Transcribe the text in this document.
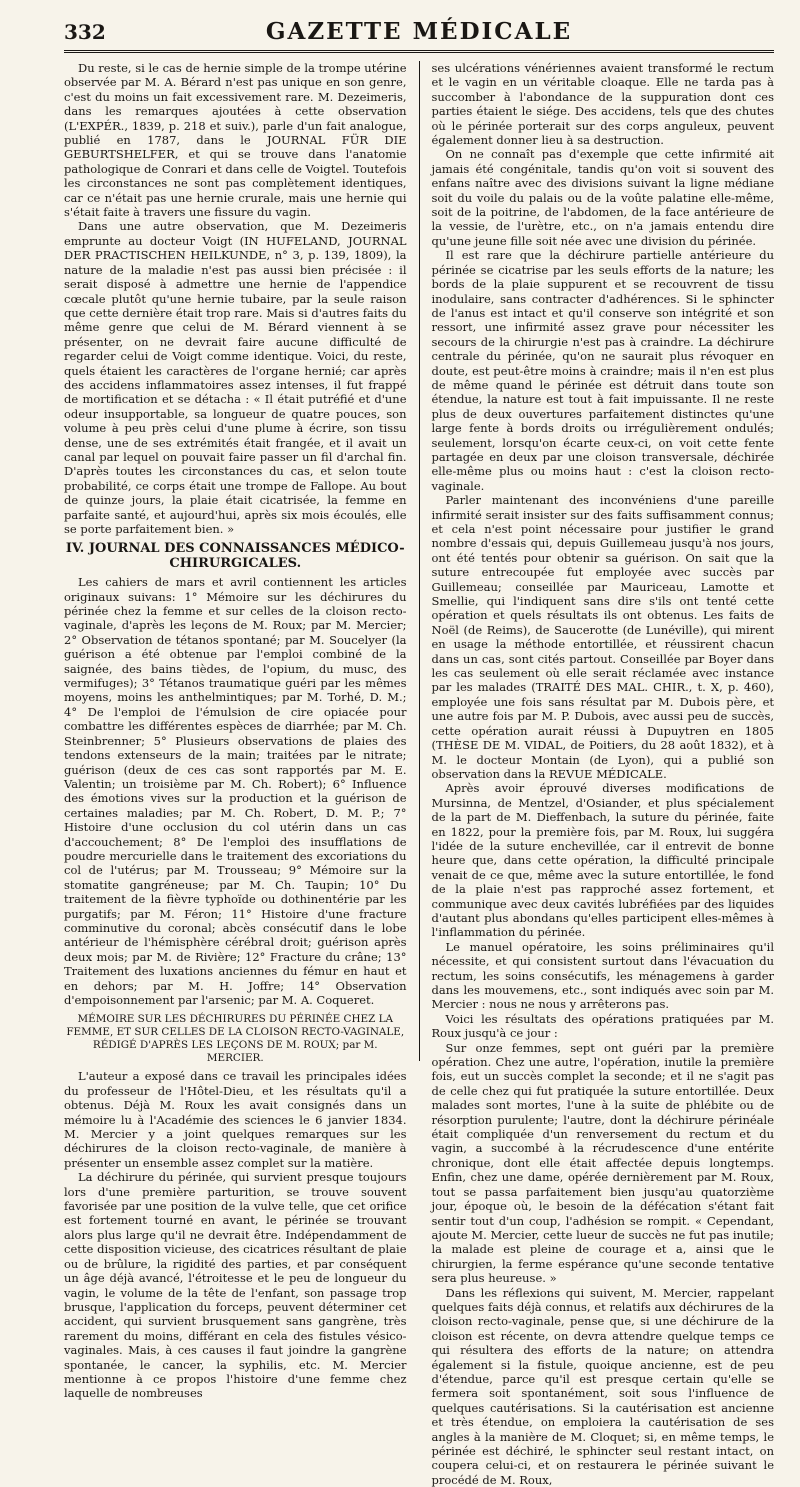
332	GAZETTE MÉDICALE

Du reste, si le cas de hernie simple de la trompe utérine observée par M. A. Bérard n'est pas unique en son genre, c'est du moins un fait excessivement rare. M. Dezeimeris, dans les remarques ajoutées à cette observation (L'EXPÉR., 1839, p. 218 et suiv.), parle d'un fait analogue, publié en 1787, dans le JOURNAL FÜR DIE GEBURTSHELFER, et qui se trouve dans l'anatomie pathologique de Conrari et dans celle de Voigtel. Toutefois les circonstances ne sont pas complètement identiques, car ce n'était pas une hernie crurale, mais une hernie qui s'était faite à travers une fissure du vagin.

Dans une autre observation, que M. Dezeimeris emprunte au docteur Voigt (IN HUFELAND, JOURNAL DER PRACTISCHEN HEILKUNDE, n° 3, p. 139, 1809), la nature de la maladie n'est pas aussi bien précisée : il serait disposé à admettre une hernie de l'appendice cœcale plutôt qu'une hernie tubaire, par la seule raison que cette dernière était trop rare. Mais si d'autres faits du même genre que celui de M. Bérard viennent à se présenter, on ne devrait faire aucune difficulté de regarder celui de Voigt comme identique. Voici, du reste, quels étaient les caractères de l'organe hernié; car après des accidens inflammatoires assez intenses, il fut frappé de mortification et se détacha : « Il était putréfié et d'une odeur insupportable, sa longueur de quatre pouces, son volume à peu près celui d'une plume à écrire, son tissu dense, une de ses extrémités était frangée, et il avait un canal par lequel on pouvait faire passer un fil d'archal fin. D'après toutes les circonstances du cas, et selon toute probabilité, ce corps était une trompe de Fallope. Au bout de quinze jours, la plaie était cicatrisée, la femme en parfaite santé, et aujourd'hui, après six mois écoulés, elle se porte parfaitement bien. »

IV. JOURNAL DES CONNAISSANCES MÉDICO-CHIRURGICALES.

Les cahiers de mars et avril contiennent les articles originaux suivans: 1° Mémoire sur les déchirures du périnée chez la femme et sur celles de la cloison recto-vaginale, d'après les leçons de M. Roux; par M. Mercier; 2° Observation de tétanos spontané; par M. Soucelyer (la guérison a été obtenue par l'emploi combiné de la saignée, des bains tièdes, de l'opium, du musc, des vermifuges); 3° Tétanos traumatique guéri par les mêmes moyens, moins les anthelmintiques; par M. Torhé, D. M.; 4° De l'emploi de l'émulsion de cire opiacée pour combattre les différentes espèces de diarrhée; par M. Ch. Steinbrenner; 5° Plusieurs observations de plaies des tendons extenseurs de la main; traitées par le nitrate; guérison (deux de ces cas sont rapportés par M. E. Valentin; un troisième par M. Ch. Robert); 6° Influence des émotions vives sur la production et la guérison de certaines maladies; par M. Ch. Robert, D. M. P.; 7° Histoire d'une occlusion du col utérin dans un cas d'accouchement; 8° De l'emploi des insufflations de poudre mercurielle dans le traitement des excoriations du col de l'utérus; par M. Trousseau; 9° Mémoire sur la stomatite gangréneuse; par M. Ch. Taupin; 10° Du traitement de la fièvre typhoïde ou dothinentérie par les purgatifs; par M. Féron; 11° Histoire d'une fracture comminutive du coronal; abcès consécutif dans le lobe antérieur de l'hémisphère cérébral droit; guérison après deux mois; par M. de Rivière; 12° Fracture du crâne; 13° Traitement des luxations anciennes du fémur en haut et en dehors; par M. H. Joffre; 14° Observation d'empoisonnement par l'arsenic; par M. A. Coqueret.

MÉMOIRE SUR LES DÉCHIRURES DU PÉRINÉE CHEZ LA FEMME, ET SUR CELLES DE LA CLOISON RECTO-VAGINALE, RÉDIGÉ D'APRÈS LES LEÇONS DE M. ROUX; par M. MERCIER.

L'auteur a exposé dans ce travail les principales idées du professeur de l'Hôtel-Dieu, et les résultats qu'il a obtenus. Déjà M. Roux les avait consignés dans un mémoire lu à l'Académie des sciences le 6 janvier 1834. M. Mercier y a joint quelques remarques sur les déchirures de la cloison recto-vaginale, de manière à présenter un ensemble assez complet sur la matière.

La déchirure du périnée, qui survient presque toujours lors d'une première parturition, se trouve souvent favorisée par une position de la vulve telle, que cet orifice est fortement tourné en avant, le périnée se trouvant alors plus large qu'il ne devrait être. Indépendamment de cette disposition vicieuse, des cicatrices résultant de plaie ou de brûlure, la rigidité des parties, et par conséquent un âge déjà avancé, l'étroitesse et le peu de longueur du vagin, le volume de la tête de l'enfant, son passage trop brusque, l'application du forceps, peuvent déterminer cet accident, qui survient brusquement sans gangrène, très rarement du moins, différant en cela des fistules vésico-vaginales. Mais, à ces causes il faut joindre la gangrène spontanée, le cancer, la syphilis, etc. M. Mercier mentionne à ce propos l'histoire d'une femme chez laquelle de nombreuses

ses ulcérations vénériennes avaient transformé le rectum et le vagin en un véritable cloaque. Elle ne tarda pas à succomber à l'abondance de la suppuration dont ces parties étaient le siége. Des accidens, tels que des chutes où le périnée porterait sur des corps anguleux, peuvent également donner lieu à sa destruction.

On ne connaît pas d'exemple que cette infirmité ait jamais été congénitale, tandis qu'on voit si souvent des enfans naître avec des divisions suivant la ligne médiane soit du voile du palais ou de la voûte palatine elle-même, soit de la poitrine, de l'abdomen, de la face antérieure de la vessie, de l'urètre, etc., on n'a jamais entendu dire qu'une jeune fille soit née avec une division du périnée.

Il est rare que la déchirure partielle antérieure du périnée se cicatrise par les seuls efforts de la nature; les bords de la plaie suppurent et se recouvrent de tissu inodulaire, sans contracter d'adhérences. Si le sphincter de l'anus est intact et qu'il conserve son intégrité et son ressort, une infirmité assez grave pour nécessiter les secours de la chirurgie n'est pas à craindre. La déchirure centrale du périnée, qu'on ne saurait plus révoquer en doute, est peut-être moins à craindre; mais il n'en est plus de même quand le périnée est détruit dans toute son étendue, la nature est tout à fait impuissante. Il ne reste plus de deux ouvertures parfaitement distinctes qu'une large fente à bords droits ou irrégulièrement ondulés; seulement, lorsqu'on écarte ceux-ci, on voit cette fente partagée en deux par une cloison transversale, déchirée elle-même plus ou moins haut : c'est la cloison recto-vaginale.

Parler maintenant des inconvéniens d'une pareille infirmité serait insister sur des faits suffisamment connus; et cela n'est point nécessaire pour justifier le grand nombre d'essais qui, depuis Guillemeau jusqu'à nos jours, ont été tentés pour obtenir sa guérison. On sait que la suture entrecoupée fut employée avec succès par Guillemeau; conseillée par Mauriceau, Lamotte et Smellie, qui l'indiquent sans dire s'ils ont tenté cette opération et quels résultats ils ont obtenus. Les faits de Noël (de Reims), de Saucerotte (de Lunéville), qui mirent en usage la méthode entortillée, et réussirent chacun dans un cas, sont cités partout. Conseillée par Boyer dans les cas seulement où elle serait réclamée avec instance par les malades (TRAITÉ DES MAL. CHIR., t. X, p. 460), employée une fois sans résultat par M. Dubois père, et une autre fois par M. P. Dubois, avec aussi peu de succès, cette opération aurait réussi à Dupuytren en 1805 (THÈSE DE M. VIDAL, de Poitiers, du 28 août 1832), et à M. le docteur Montain (de Lyon), qui a publié son observation dans la REVUE MÉDICALE.

Après avoir éprouvé diverses modifications de Mursinna, de Mentzel, d'Osiander, et plus spécialement de la part de M. Dieffenbach, la suture du périnée, faite en 1822, pour la première fois, par M. Roux, lui suggéra l'idée de la suture enchevillée, car il entrevit de bonne heure que, dans cette opération, la difficulté principale venait de ce que, même avec la suture entortillée, le fond de la plaie n'est pas rapproché assez fortement, et communique avec deux cavités lubréfiées par des liquides d'autant plus abondans qu'elles participent elles-mêmes à l'inflammation du périnée.

Le manuel opératoire, les soins préliminaires qu'il nécessite, et qui consistent surtout dans l'évacuation du rectum, les soins consécutifs, les ménagemens à garder dans les mouvemens, etc., sont indiqués avec soin par M. Mercier : nous ne nous y arrêterons pas.

Voici les résultats des opérations pratiquées par M. Roux jusqu'à ce jour :

Sur onze femmes, sept ont guéri par la première opération. Chez une autre, l'opération, inutile la première fois, eut un succès complet la seconde; et il ne s'agit pas de celle chez qui fut pratiquée la suture entortillée. Deux malades sont mortes, l'une à la suite de phlébite ou de résorption purulente; l'autre, dont la déchirure périnéale était compliquée d'un renversement du rectum et du vagin, a succombé à la récrudescence d'une entérite chronique, dont elle était affectée depuis longtemps. Enfin, chez une dame, opérée dernièrement par M. Roux, tout se passa parfaitement bien jusqu'au quatorzième jour, époque où, le besoin de la défécation s'étant fait sentir tout d'un coup, l'adhésion se rompit. « Cependant, ajoute M. Mercier, cette lueur de succès ne fut pas inutile; la malade est pleine de courage et a, ainsi que le chirurgien, la ferme espérance qu'une seconde tentative sera plus heureuse. »

Dans les réflexions qui suivent, M. Mercier, rappelant quelques faits déjà connus, et relatifs aux déchirures de la cloison recto-vaginale, pense que, si une déchirure de la cloison est récente, on devra attendre quelque temps ce qui résultera des efforts de la nature; on attendra également si la fistule, quoique ancienne, est de peu d'étendue, parce qu'il est presque certain qu'elle se fermera soit spontanément, soit sous l'influence de quelques cautérisations. Si la cautérisation est ancienne et très étendue, on emploiera la cautérisation de ses angles à la manière de M. Cloquet; si, en même temps, le périnée est déchiré, le sphincter seul restant intact, on coupera celui-ci, et on restaurera le périnée suivant le procédé de M. Roux,
